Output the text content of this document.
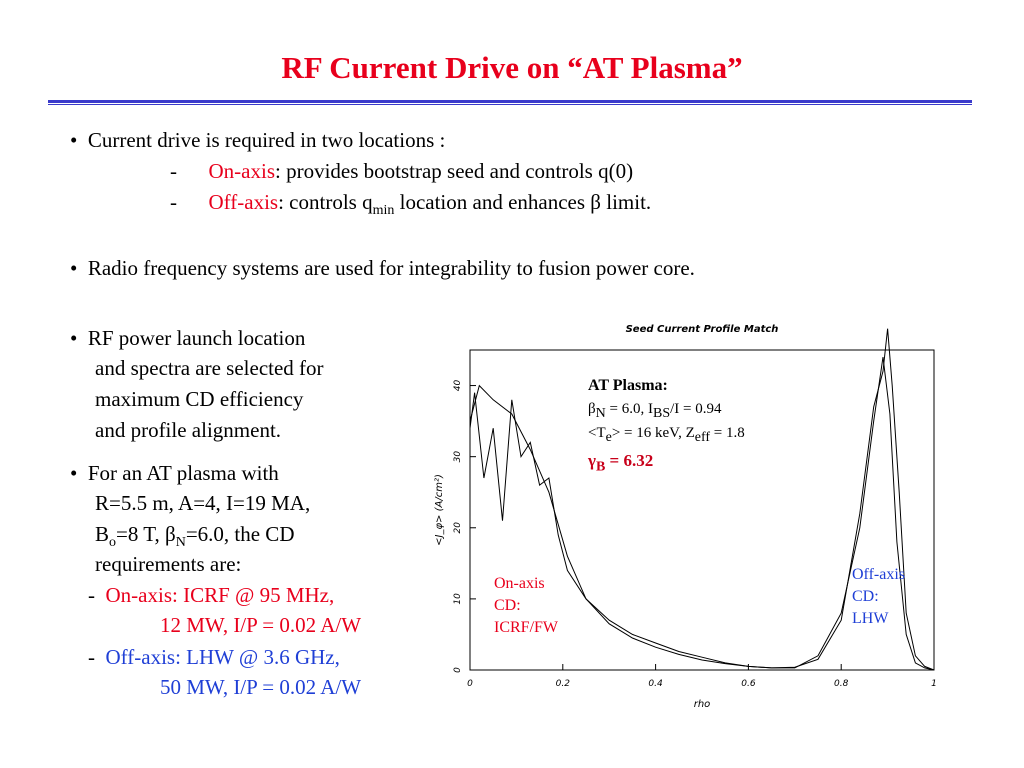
RF Current Drive on “AT Plasma”
•  Current drive is required in two locations :
-      On-axis: provides bootstrap seed and controls q(0)
-      Off-axis: controls $q_{min}$ location and enhances β limit.
•  Radio frequency systems are used for integrability to fusion power core.
•  RF power launch location
and spectra are selected for
maximum CD efficiency
and profile alignment.
•  For an AT plasma with
R=5.5 m, A=4, I=19 MA,
$B_o=8$ T, $\beta_N=6.0$, the CD
requirements are:
-  On-axis: ICRF @ 95 MHz,
12 MW, I/P = 0.02 A/W
-  Off-axis: LHW @ 3.6 GHz,
50 MW, I/P = 0.02 A/W
Seed Current Profile Match
0	0.2	0.4	0.6	0.8	1
0
10
20
30
40
rho
<J_φ> (A/cm²)
AT Plasma:
$\beta_N = 6.0$, $I_{BS}/I = 0.94$
$<T_e> = 16$ keV, $Z_{eff} = 1.8$
$\gamma_B = 6.32$
On-axis
CD:
ICRF/FW
Off-axis
CD:
LHW
